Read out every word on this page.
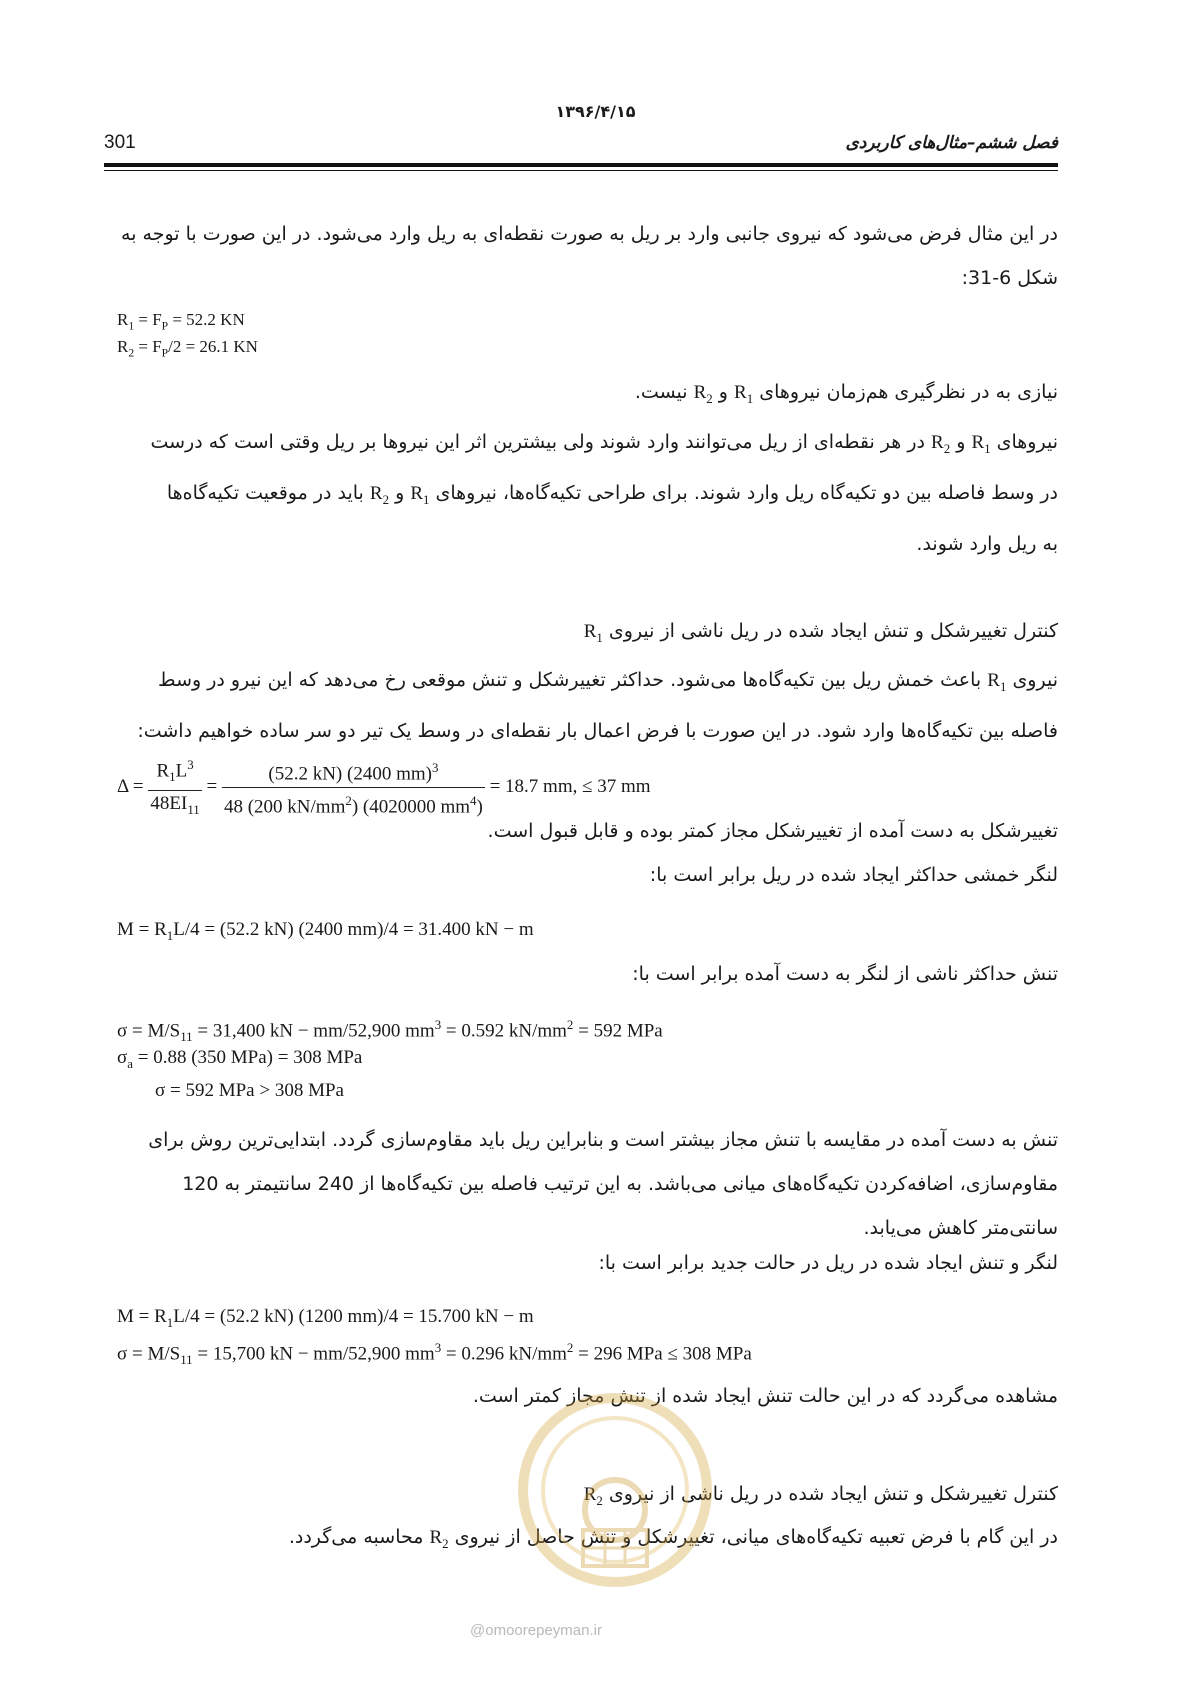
۱۳۹۶/۴/۱۵
301	فصل ششم–مثال‌های کاربردی
در این مثال فرض می‌شود که نیروی جانبی وارد بر ریل به صورت نقطه‌ای به ریل وارد می‌شود. در این صورت با توجه به
شکل 6-31:
$R_1 = F_P = 52.2$ KN
$R_2 = F_P/2 = 26.1$ KN
نیازی به در نظرگیری هم‌زمان نیروهای $R_1$ و $R_2$ نیست.
نیروهای $R_1$ و $R_2$ در هر نقطه‌ای از ریل می‌توانند وارد شوند ولی بیشترین اثر این نیروها بر ریل وقتی است که درست
در وسط فاصله بین دو تکیه‌گاه ریل وارد شوند. برای طراحی تکیه‌گاه‌ها، نیروهای $R_1$ و $R_2$ باید در موقعیت تکیه‌گاه‌ها
به ریل وارد شوند.
کنترل تغییرشکل و تنش ایجاد شده در ریل ناشی از نیروی $R_1$
نیروی $R_1$ باعث خمش ریل بین تکیه‌گاه‌ها می‌شود. حداکثر تغییرشکل و تنش موقعی رخ می‌دهد که این نیرو در وسط
فاصله بین تکیه‌گاه‌ها وارد شود. در این صورت با فرض اعمال بار نقطه‌ای در وسط یک تیر دو سر ساده خواهیم داشت:
$\Delta = \frac{R_1L^3}{48EI_{11}} = \frac{(52.2 kN) (2400 mm)^3}{48 (200 kN/mm^2) (4020000 mm^4)} = 18.7$ mm, ≤ 37 mm
تغییرشکل به دست آمده از تغییرشکل مجاز کمتر بوده و قابل قبول است.
لنگر خمشی حداکثر ایجاد شده در ریل برابر است با:
$M = R_1L/4 = (52.2$ kN) (2400 mm)/4 = 31.400 kN − m
تنش حداکثر ناشی از لنگر به دست آمده برابر است با:
$\sigma = M/S_{11} = 31,400$ kN − mm/52,900 $mm^3 = 0.592$ $kN/mm^2 = 592$ MPa
$\sigma_a = 0.88$ (350 MPa) = 308 MPa
σ = 592 MPa > 308 MPa
تنش به دست آمده در مقایسه با تنش مجاز بیشتر است و بنابراین ریل باید مقاوم‌سازی گردد. ابتدایی‌ترین روش برای
مقاوم‌سازی، اضافه‌کردن تکیه‌گاه‌های میانی می‌باشد. به این ترتیب فاصله بین تکیه‌گاه‌ها از 240 سانتیمتر به 120
سانتی‌متر کاهش می‌یابد.
لنگر و تنش ایجاد شده در ریل در حالت جدید برابر است با:
$M = R_1L/4 = (52.2$ kN) (1200 mm)/4 = 15.700 kN − m
$\sigma = M/S_{11} = 15,700$ kN − mm/52,900 $mm^3 = 0.296$ $kN/mm^2 = 296$ MPa ≤ 308 MPa
مشاهده می‌گردد که در این حالت تنش ایجاد شده از تنش مجاز کمتر است.
کنترل تغییرشکل و تنش ایجاد شده در ریل ناشی از نیروی $R_2$
در این گام با فرض تعبیه تکیه‌گاه‌های میانی، تغییرشکل و تنش حاصل از نیروی $R_2$ محاسبه می‌گردد.
@omoorepeyman.ir
